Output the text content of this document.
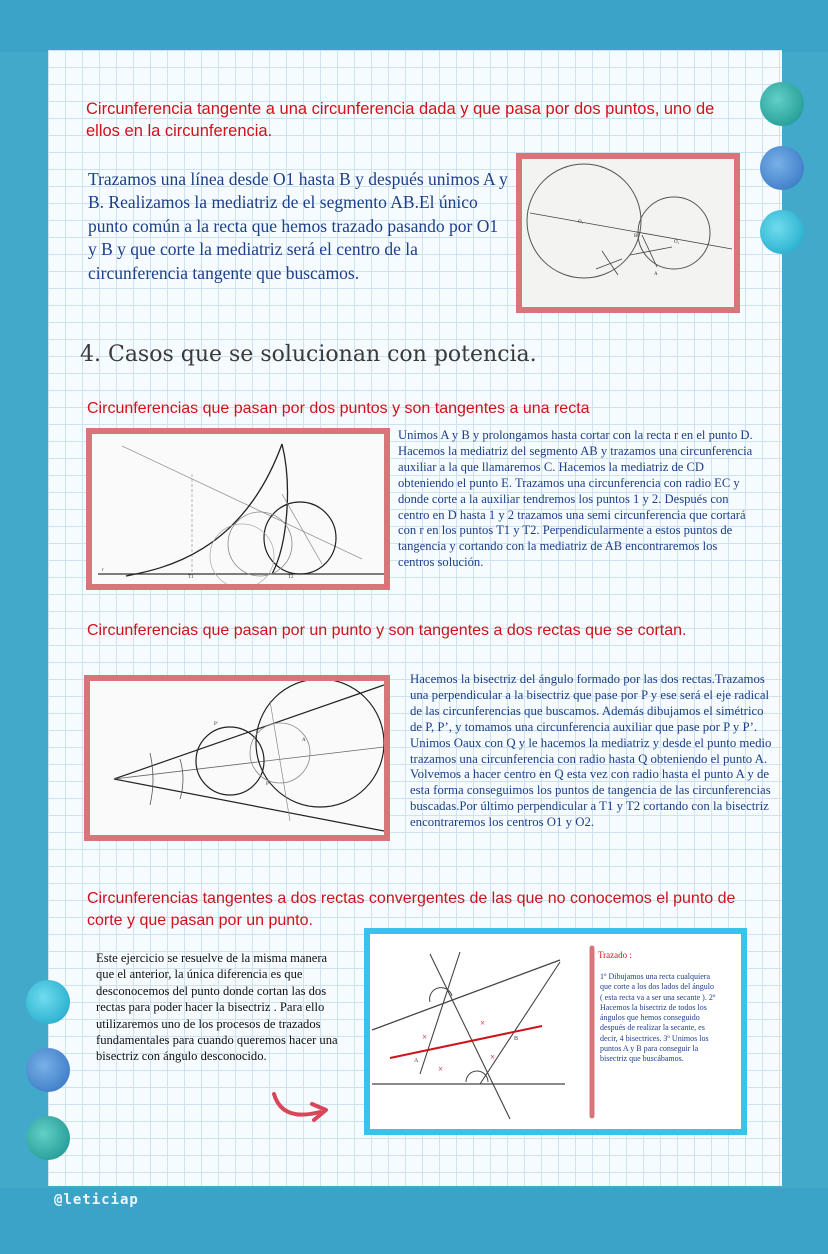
Circunferencia tangente a una circunferencia dada y que pasa por dos puntos, uno de ellos en la circunferencia.
Trazamos una línea desde O1 hasta B y después unimos A y B. Realizamos la mediatriz de el segmento AB.El único punto común a la recta que hemos trazado pasando por O1 y B y que corte la mediatriz será el centro de la circunferencia tangente que buscamos.
O₁
B
O₁
A
4. Casos que se solucionan con potencia.
Circunferencias que pasan por dos puntos y son tangentes a una recta
r
T1	T2
Unimos A y B y prolongamos hasta cortar con la recta r en el punto D. Hacemos la mediatriz del segmento AB y trazamos una circunferencia auxiliar a la que llamaremos C. Hacemos la mediatriz de CD obteniendo el punto E. Trazamos una circunferencia con radio EC y donde corte a la auxiliar tendremos los puntos 1 y 2. Después con centro en D hasta 1 y 2 trazamos una semi circunferencia que cortará con r en los puntos T1 y T2. Perpendicularmente a estos puntos de tangencia y cortando con la mediatriz de AB encontraremos los centros solución.
Circunferencias que pasan por un punto y son tangentes a dos rectas que se cortan.
P'
A
P
Hacemos la bisectriz del ángulo formado por las dos rectas.Trazamos una perpendicular a la bisectriz que pase por P y ese será el eje radical de las circunferencias que buscamos. Además dibujamos el simétrico de P, P’, y tomamos una circunferencia auxiliar que pase por P y P’. Unimos Oaux con Q y le hacemos la mediatriz y desde el punto medio trazamos una circunferencia con radio hasta Q obteniendo el punto A. Volvemos a hacer centro en Q esta vez con radio hasta el punto A y de esta forma conseguimos los puntos de tangencia de las circunferencias buscadas.Por último perpendicular a T1 y T2 cortando con la bisectriz encontraremos los centros O1 y O2.
Circunferencias tangentes a dos rectas convergentes de las que no conocemos el punto de corte y que pasan por un punto.
Este ejercicio se resuelve de la misma manera que el anterior, la única diferencia es que desconocemos del punto donde cortan las dos rectas para poder hacer la bisectriz . Para ello utilizaremos uno de los procesos de trazados fundamentales para cuando queremos hacer una bisectriz con ángulo desconocido.
×
×
×
×
A
B
Trazado :
1º Dibujamos una recta cualquiera que corte a los dos lados del ángulo ( esta recta va a ser una secante ). 2º Hacemos la bisectriz de todos los ángulos que hemos conseguido después de realizar la secante, es decir, 4 bisectrices. 3º Unimos los puntos A y B para conseguir la bisectriz que buscábamos.
@leticiap
